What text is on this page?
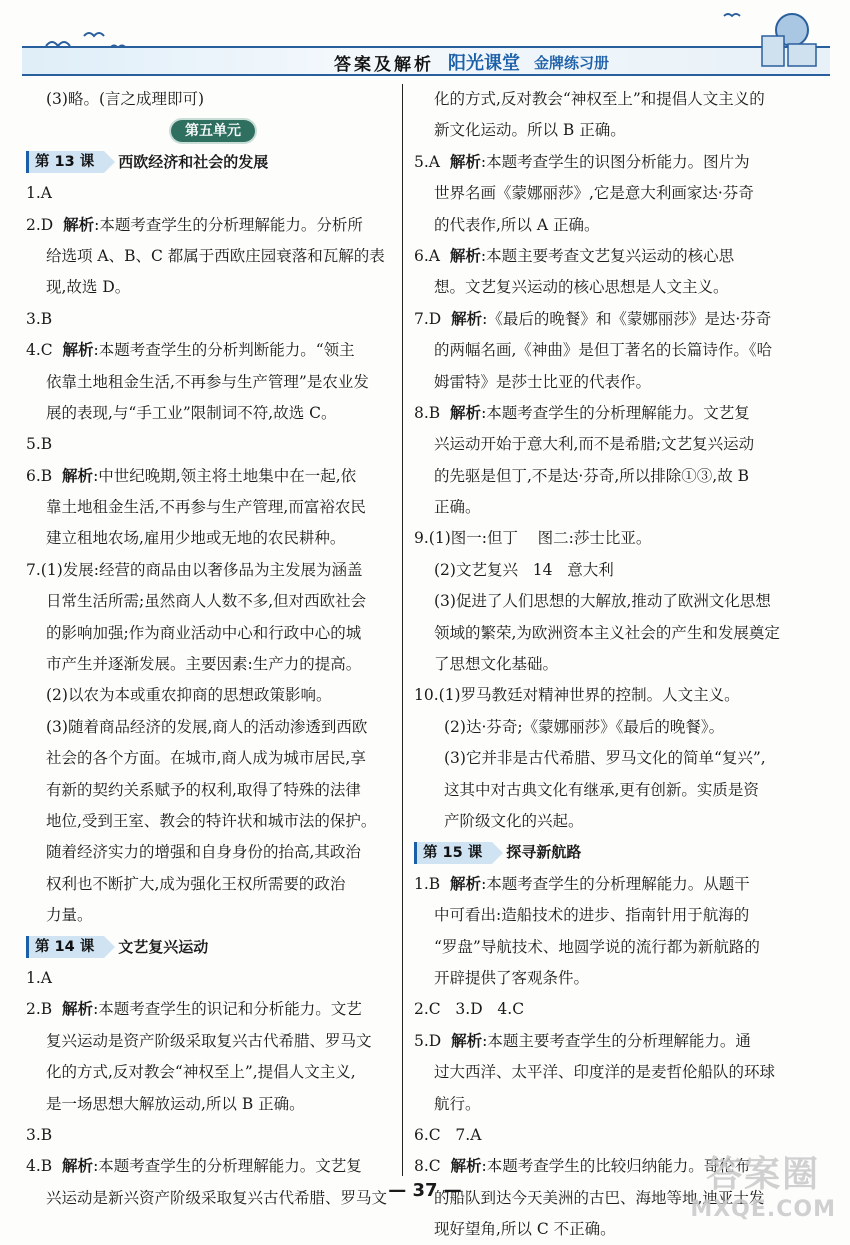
答案及解析 阳光课堂 金牌练习册
(3)略。(言之成理即可)
第五单元
第 13 课	西欧经济和社会的发展
1.A
2.D  解析:本题考查学生的分析理解能力。分析所
给选项 A、B、C 都属于西欧庄园衰落和瓦解的表
现,故选 D。
3.B
4.C  解析:本题考查学生的分析判断能力。“领主
依靠土地租金生活,不再参与生产管理”是农业发
展的表现,与“手工业”限制词不符,故选 C。
5.B
6.B  解析:中世纪晚期,领主将土地集中在一起,依
靠土地租金生活,不再参与生产管理,而富裕农民
建立租地农场,雇用少地或无地的农民耕种。
7.(1)发展:经营的商品由以奢侈品为主发展为涵盖
日常生活所需;虽然商人人数不多,但对西欧社会
的影响加强;作为商业活动中心和行政中心的城
市产生并逐渐发展。主要因素:生产力的提高。
(2)以农为本或重农抑商的思想政策影响。
(3)随着商品经济的发展,商人的活动渗透到西欧
社会的各个方面。在城市,商人成为城市居民,享
有新的契约关系赋予的权利,取得了特殊的法律
地位,受到王室、教会的特许状和城市法的保护。
随着经济实力的增强和自身身份的抬高,其政治
权利也不断扩大,成为强化王权所需要的政治
力量。
第 14 课	文艺复兴运动
1.A
2.B  解析:本题考查学生的识记和分析能力。文艺
复兴运动是资产阶级采取复兴古代希腊、罗马文
化的方式,反对教会“神权至上”,提倡人文主义,
是一场思想大解放运动,所以 B 正确。
3.B
4.B  解析:本题考查学生的分析理解能力。文艺复
兴运动是新兴资产阶级采取复兴古代希腊、罗马文
化的方式,反对教会“神权至上”和提倡人文主义的
新文化运动。所以 B 正确。
5.A  解析:本题考查学生的识图分析能力。图片为
世界名画《蒙娜丽莎》,它是意大利画家达·芬奇
的代表作,所以 A 正确。
6.A  解析:本题主要考查文艺复兴运动的核心思
想。文艺复兴运动的核心思想是人文主义。
7.D  解析:《最后的晚餐》和《蒙娜丽莎》是达·芬奇
的两幅名画,《神曲》是但丁著名的长篇诗作。《哈
姆雷特》是莎士比亚的代表作。
8.B  解析:本题考查学生的分析理解能力。文艺复
兴运动开始于意大利,而不是希腊;文艺复兴运动
的先驱是但丁,不是达·芬奇,所以排除①③,故 B
正确。
9.(1)图一:但丁    图二:莎士比亚。
(2)文艺复兴   14   意大利
(3)促进了人们思想的大解放,推动了欧洲文化思想
领域的繁荣,为欧洲资本主义社会的产生和发展奠定
了思想文化基础。
10.(1)罗马教廷对精神世界的控制。人文主义。
(2)达·芬奇;《蒙娜丽莎》《最后的晚餐》。
(3)它并非是古代希腊、罗马文化的简单“复兴”,
这其中对古典文化有继承,更有创新。实质是资
产阶级文化的兴起。
第 15 课	探寻新航路
1.B  解析:本题考查学生的分析理解能力。从题干
中可看出:造船技术的进步、指南针用于航海的
“罗盘”导航技术、地圆学说的流行都为新航路的
开辟提供了客观条件。
2.C   3.D   4.C
5.D  解析:本题主要考查学生的分析理解能力。通
过大西洋、太平洋、印度洋的是麦哲伦船队的环球
航行。
6.C   7.A
8.C  解析:本题考查学生的比较归纳能力。哥伦布
的船队到达今天美洲的古巴、海地等地,迪亚士发
现好望角,所以 C 不正确。
— 37 —	答案圈
MXQE.COM
